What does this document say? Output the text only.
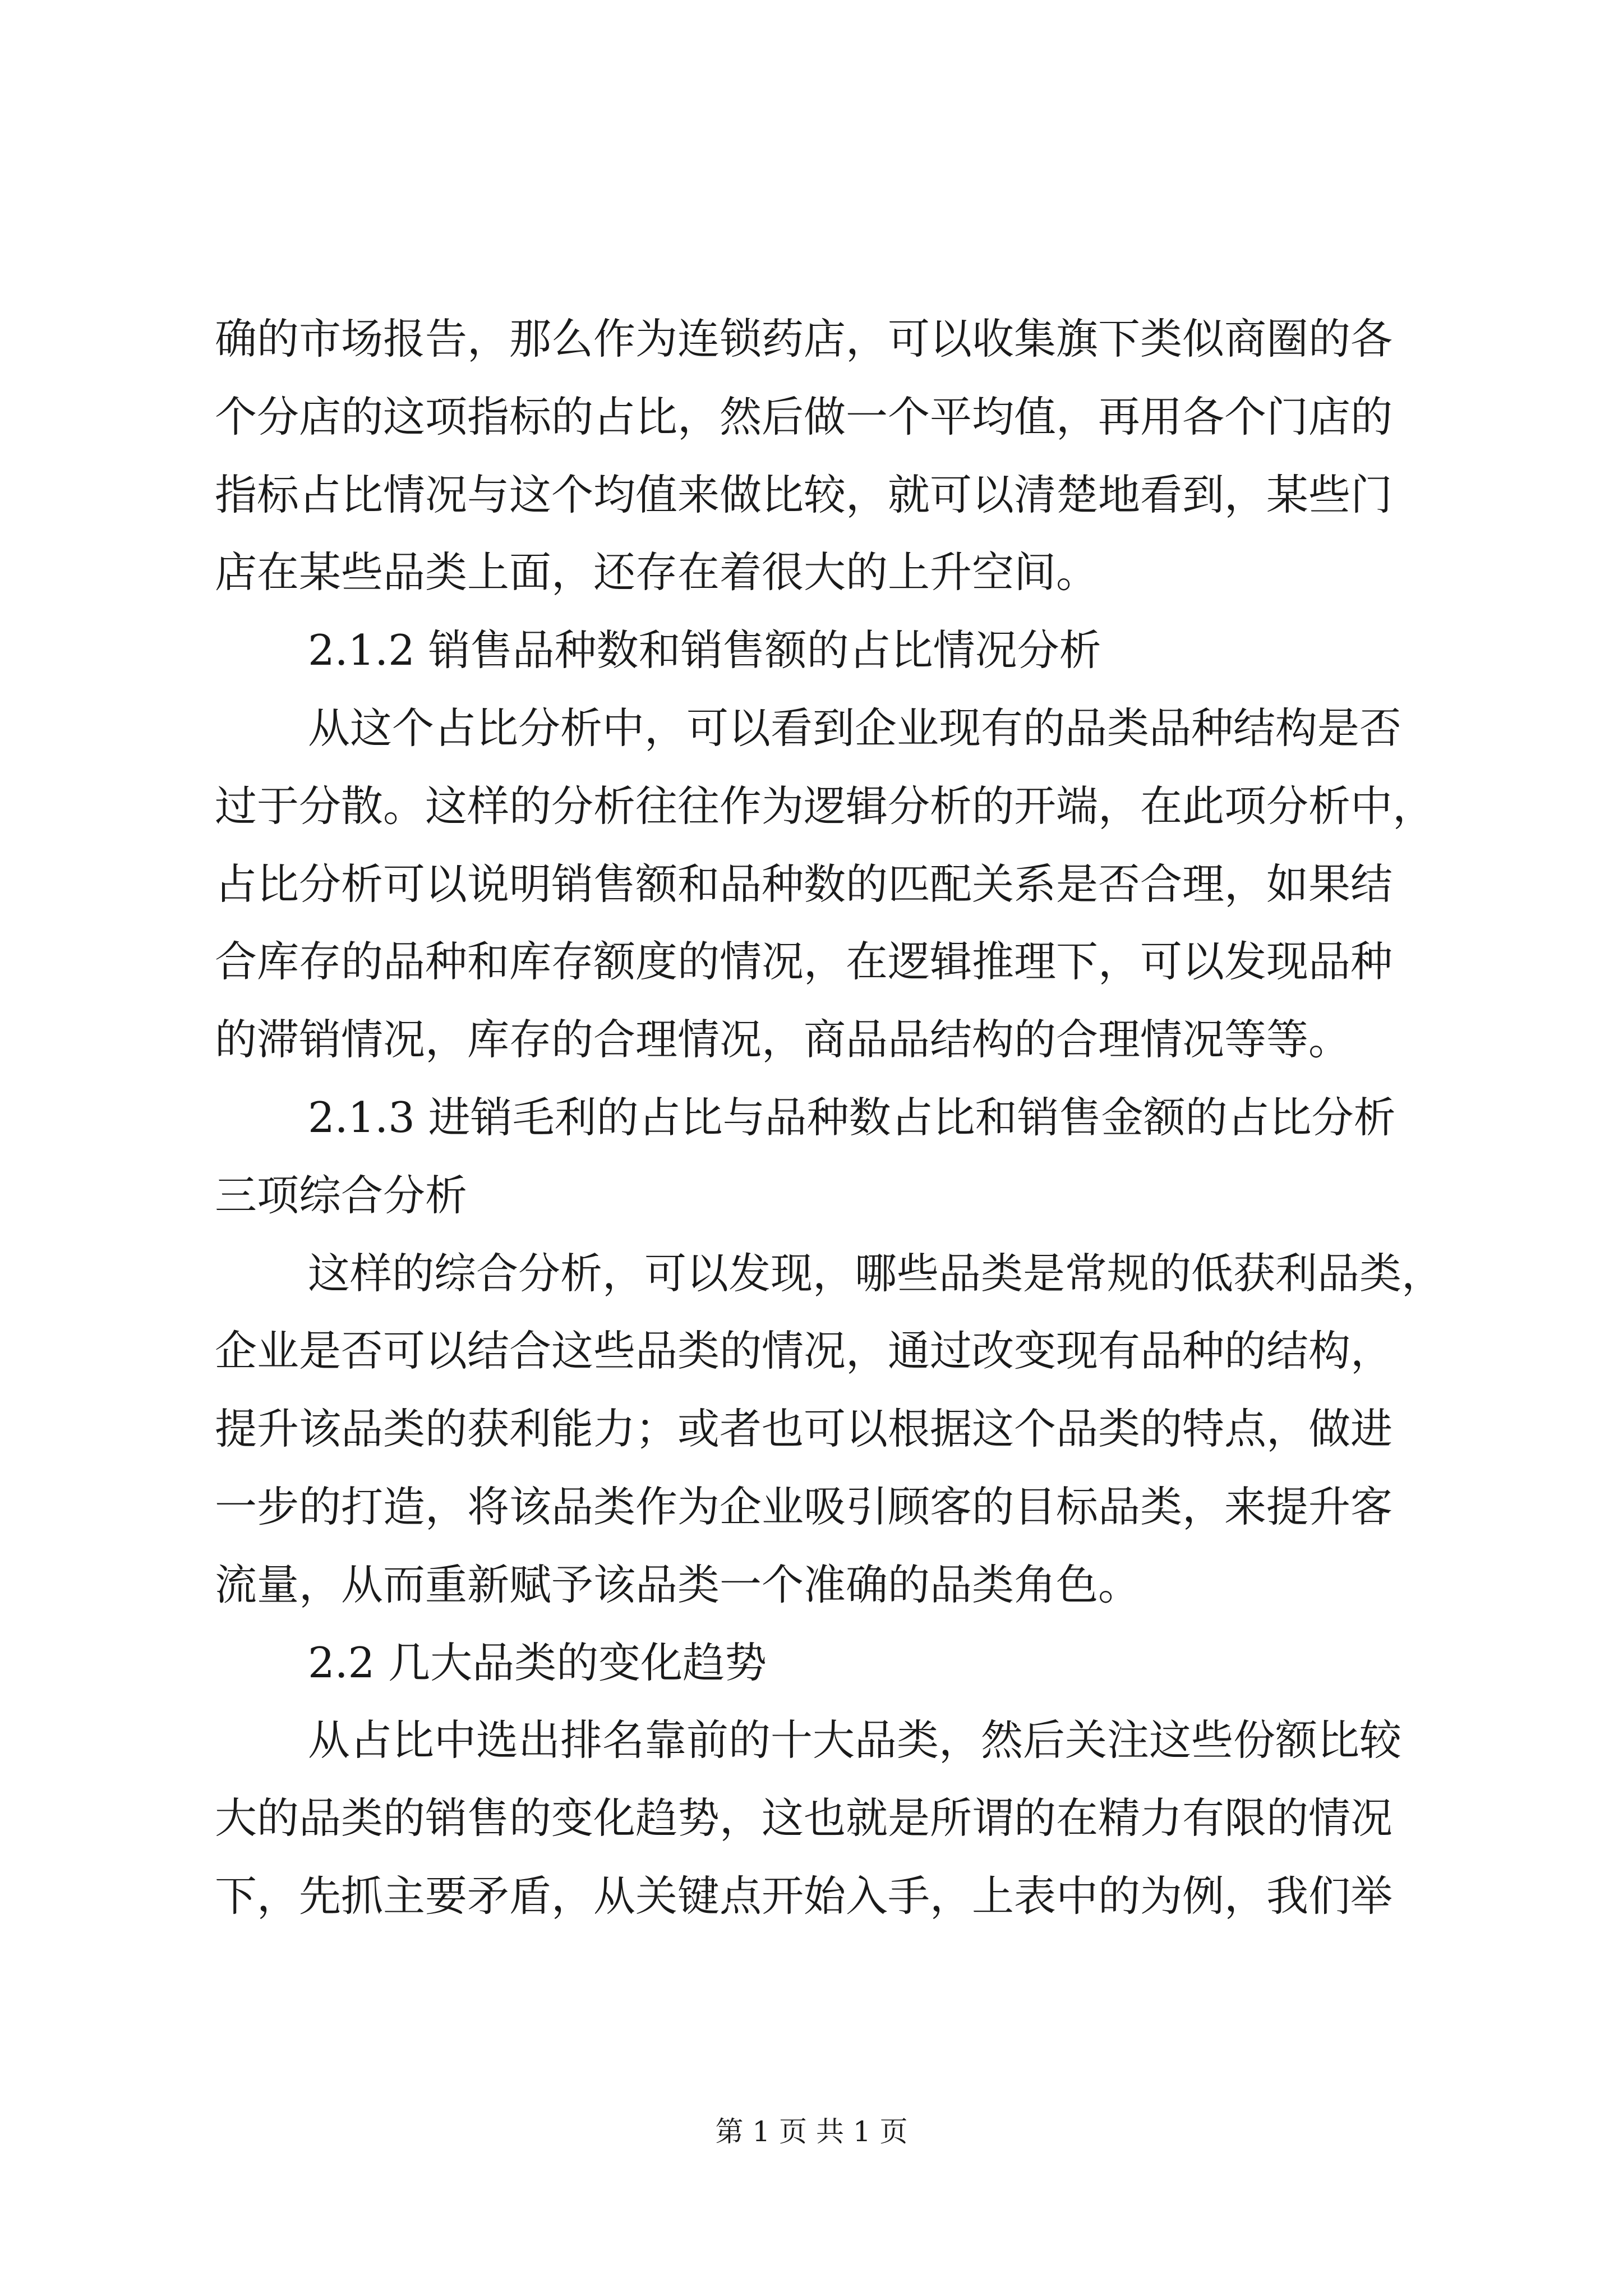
确的市场报告，那么作为连锁药店，可以收集旗下类似商圈的各
个分店的这项指标的占比，然后做一个平均值，再用各个门店的
指标占比情况与这个均值来做比较，就可以清楚地看到，某些门
店在某些品类上面，还存在着很大的上升空间。
2.1.2 销售品种数和销售额的占比情况分析
从这个占比分析中，可以看到企业现有的品类品种结构是否
过于分散。这样的分析往往作为逻辑分析的开端，在此项分析中，
占比分析可以说明销售额和品种数的匹配关系是否合理，如果结
合库存的品种和库存额度的情况，在逻辑推理下，可以发现品种
的滞销情况，库存的合理情况，商品品结构的合理情况等等。
2.1.3 进销毛利的占比与品种数占比和销售金额的占比分析
三项综合分析
这样的综合分析，可以发现，哪些品类是常规的低获利品类，
企业是否可以结合这些品类的情况，通过改变现有品种的结构，
提升该品类的获利能力；或者也可以根据这个品类的特点，做进
一步的打造，将该品类作为企业吸引顾客的目标品类，来提升客
流量，从而重新赋予该品类一个准确的品类角色。
2.2 几大品类的变化趋势
从占比中选出排名靠前的十大品类，然后关注这些份额比较
大的品类的销售的变化趋势，这也就是所谓的在精力有限的情况
下，先抓主要矛盾，从关键点开始入手，上表中的为例，我们举
第 1 页 共 1 页
